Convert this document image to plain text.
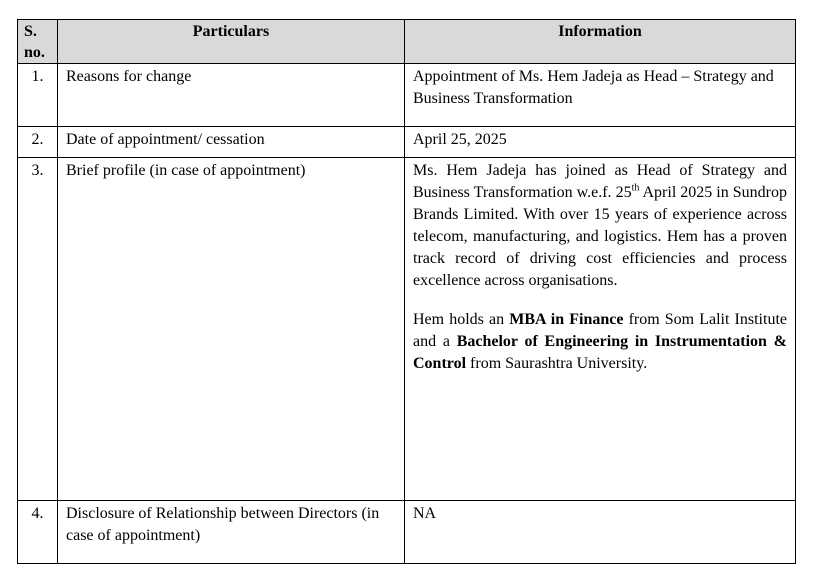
S. no.	Particulars	Information
1.	Reasons for change	Appointment of Ms. Hem Jadeja as Head – Strategy and Business Transformation
2.	Date of appointment/ cessation	April 25, 2025
3.	Brief profile (in case of appointment)	Ms. Hem Jadeja has joined as Head of Strategy and Business Transformation w.e.f. 25th April 2025 in Sundrop Brands Limited. With over 15 years of experience across telecom, manufacturing, and logistics. Hem has a proven track record of driving cost efficiencies and process excellence across organisations.

Hem holds an MBA in Finance from Som Lalit Institute and a Bachelor of Engineering in Instrumentation & Control from Saurashtra University.

4.	Disclosure of Relationship between Directors (in case of appointment)	NA
